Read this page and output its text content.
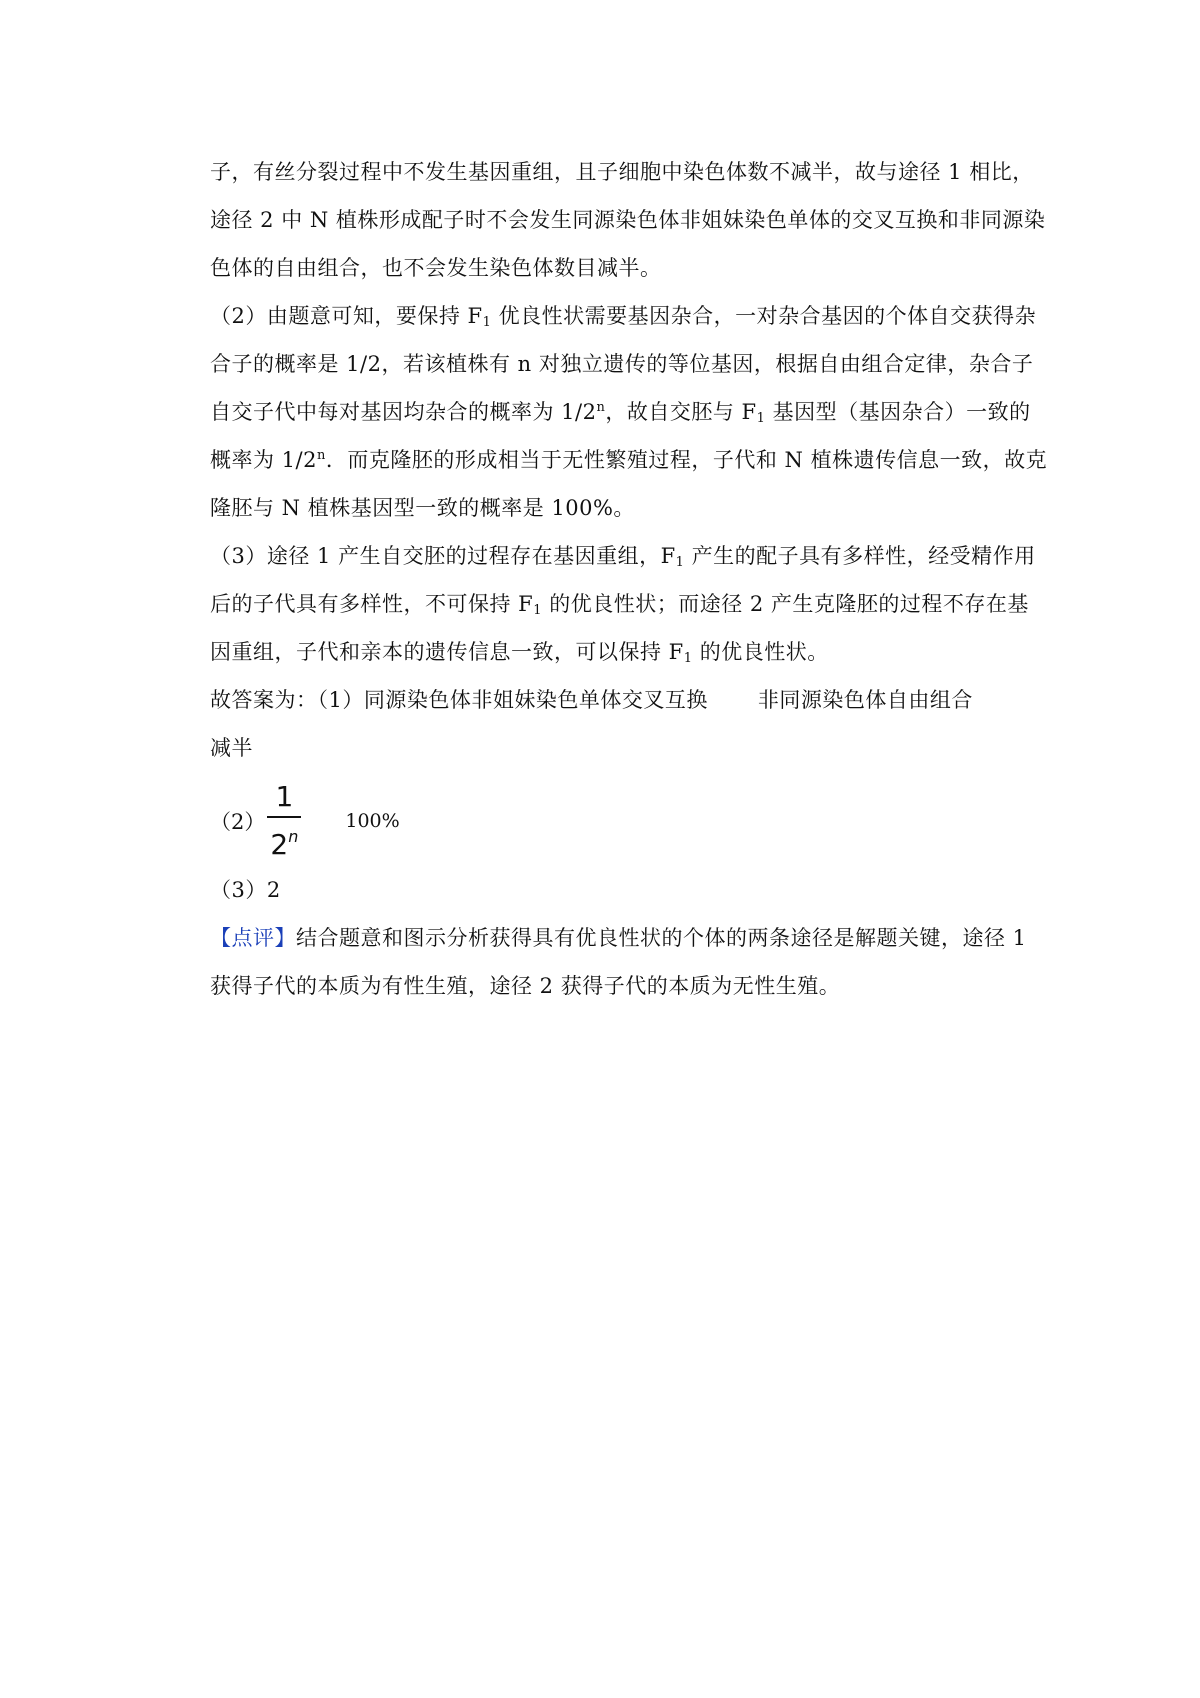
子，有丝分裂过程中不发生基因重组，且子细胞中染色体数不减半，故与途径 1 相比，
途径 2 中 N 植株形成配子时不会发生同源染色体非姐妹染色单体的交叉互换和非同源染
色体的自由组合，也不会发生染色体数目减半。
（2）由题意可知，要保持 $F_1$ 优良性状需要基因杂合，一对杂合基因的个体自交获得杂
合子的概率是 1/2，若该植株有 n 对独立遗传的等位基因，根据自由组合定律，杂合子
自交子代中每对基因均杂合的概率为 1/2$^n$，故自交胚与 $F_1$ 基因型（基因杂合）一致的
概率为 1/2$^n$．而克隆胚的形成相当于无性繁殖过程，子代和 N 植株遗传信息一致，故克
隆胚与 N 植株基因型一致的概率是 100%。
（3）途径 1 产生自交胚的过程存在基因重组，$F_1$ 产生的配子具有多样性，经受精作用
后的子代具有多样性，不可保持 $F_1$ 的优良性状；而途径 2 产生克隆胚的过程不存在基
因重组，子代和亲本的遗传信息一致，可以保持 $F_1$ 的优良性状。
故答案为：（1）同源染色体非姐妹染色单体交叉互换 非同源染色体自由组合
减半
$(2) \frac{1}{2^n} 100\%$
（3）2
【点评】结合题意和图示分析获得具有优良性状的个体的两条途径是解题关键，途径 1
获得子代的本质为有性生殖，途径 2 获得子代的本质为无性生殖。
